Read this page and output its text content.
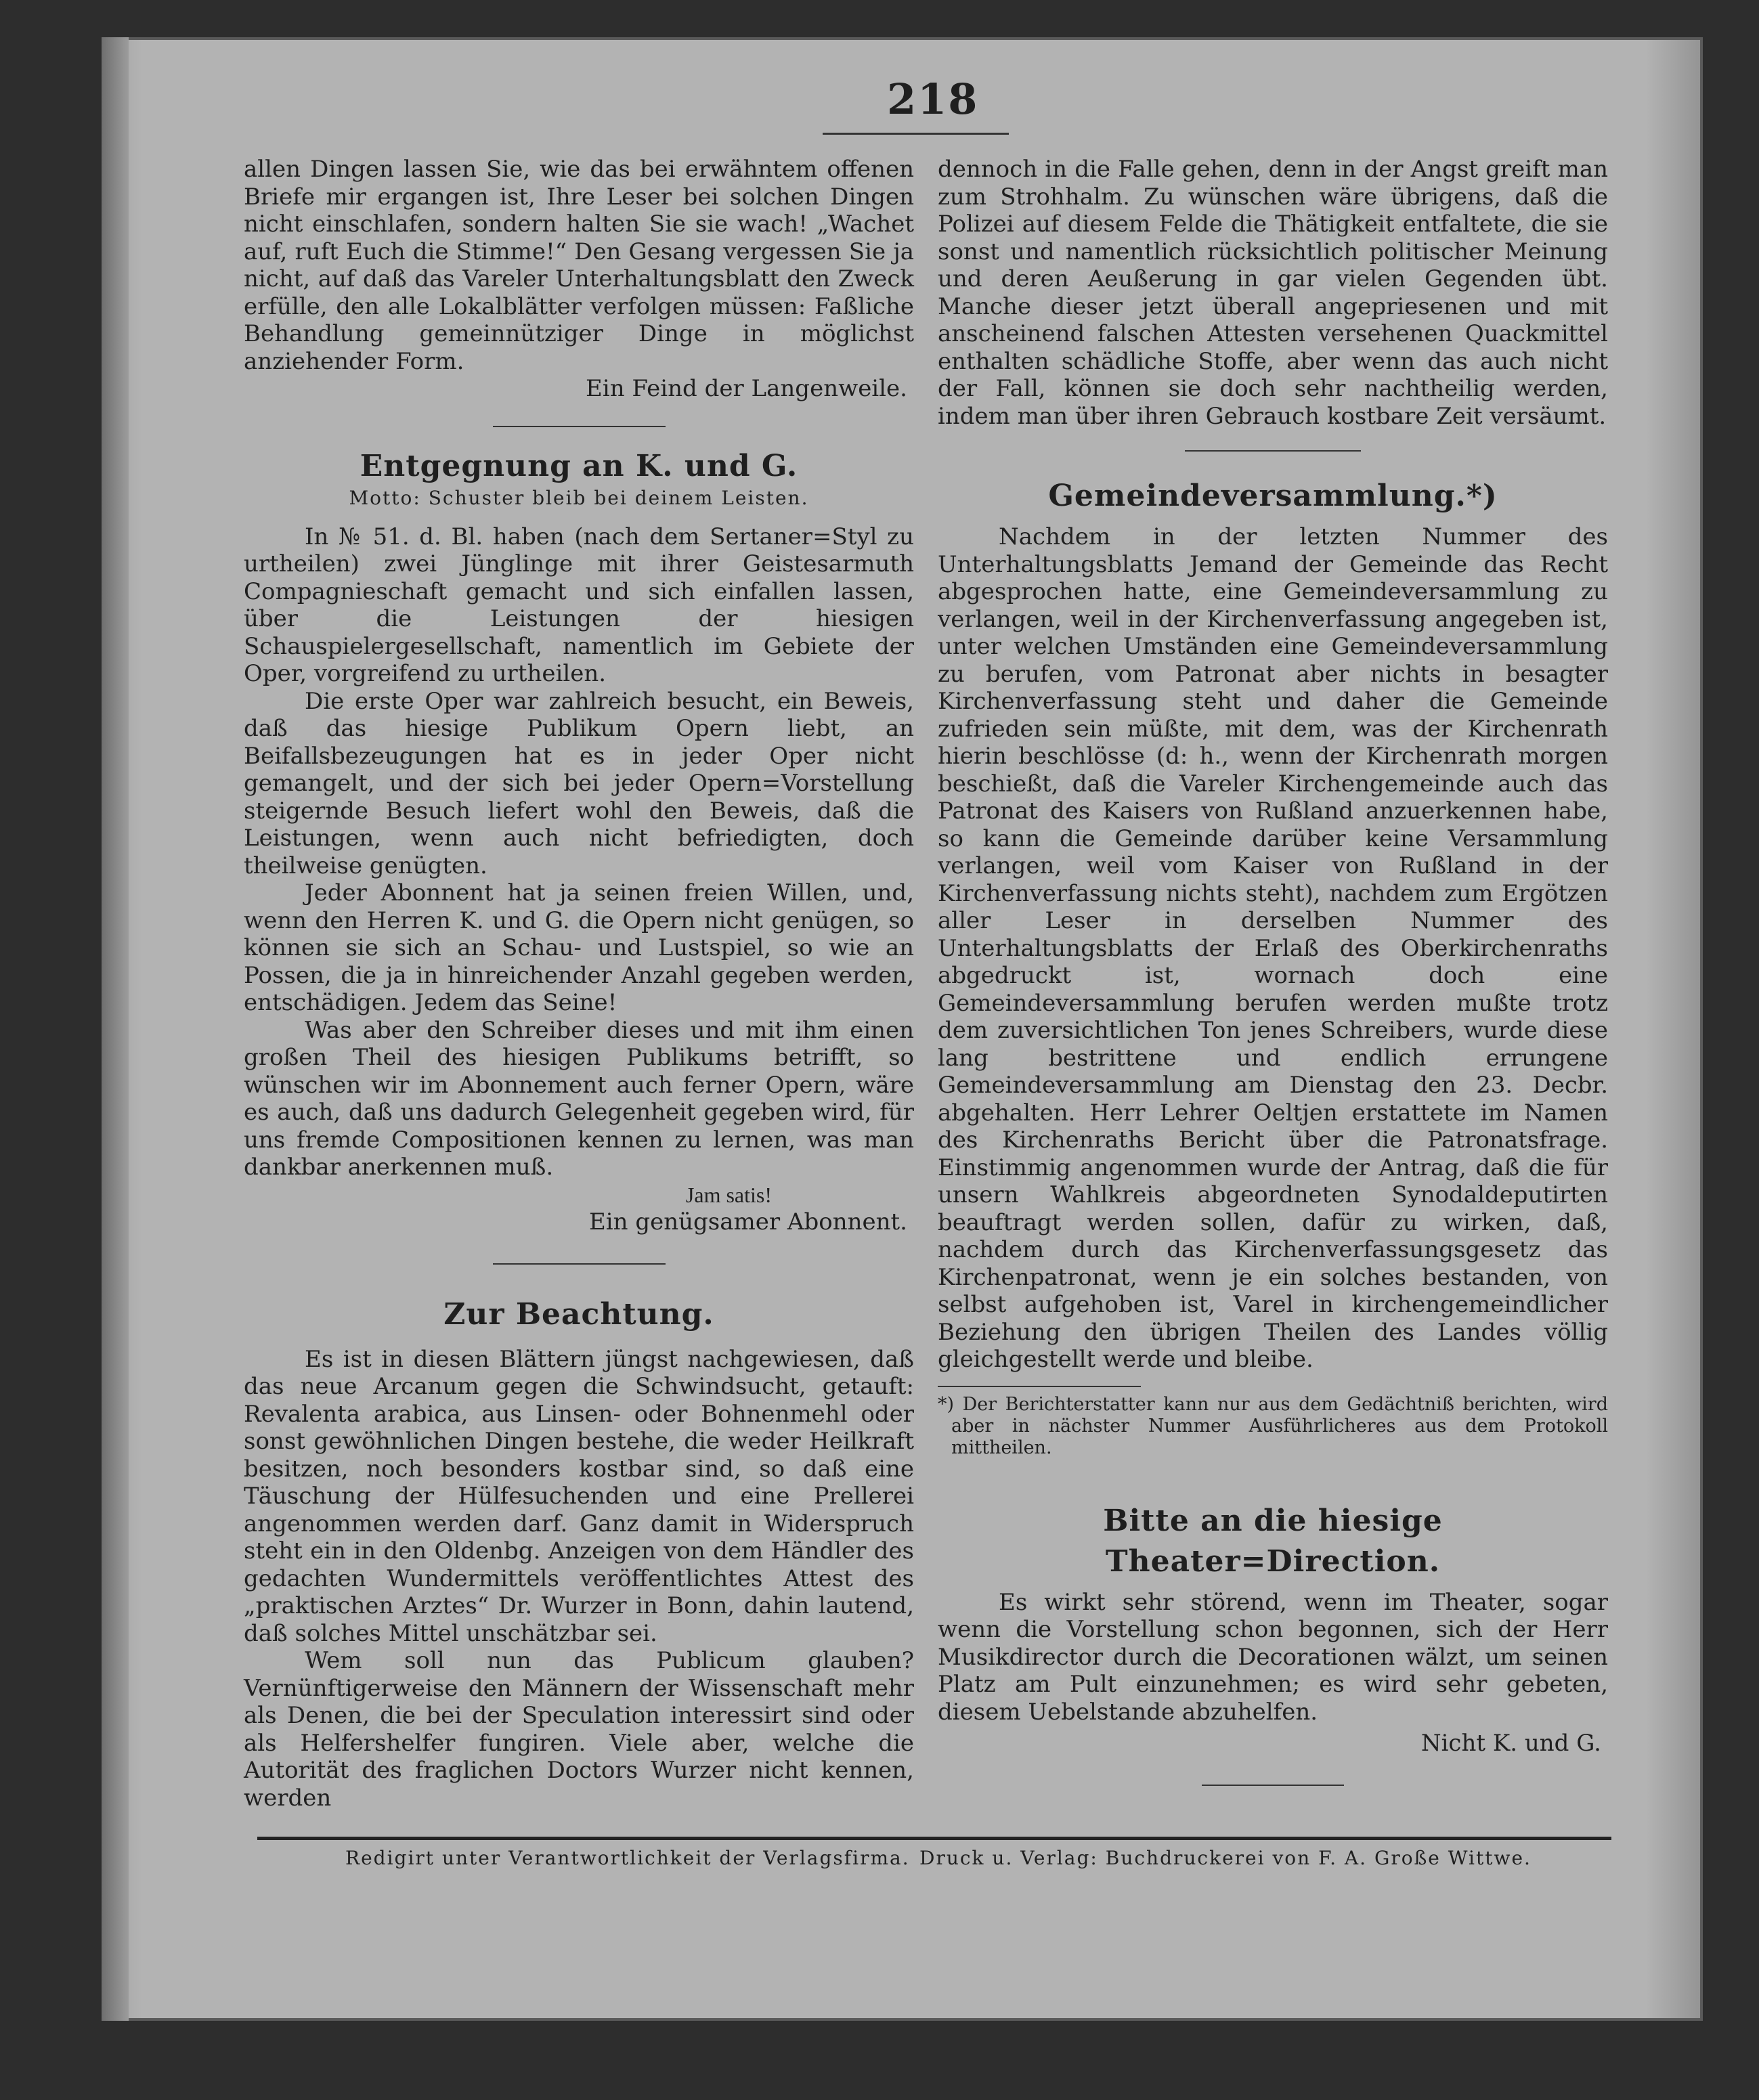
218

allen Dingen lassen Sie, wie das bei erwähntem offenen Briefe mir ergangen ist, Ihre Leser bei solchen Dingen nicht einschlafen, sondern halten Sie sie wach! „Wachet auf, ruft Euch die Stimme!“ Den Gesang vergessen Sie ja nicht, auf daß das Vareler Unterhaltungsblatt den Zweck erfülle, den alle Lokalblätter verfolgen müssen: Faßliche Behandlung gemeinnütziger Dinge in möglichst anziehender Form.

Ein Feind der Langenweile.

Entgegnung an K. und G.

Motto: Schuster bleib bei deinem Leisten.

In № 51. d. Bl. haben (nach dem Sertaner=Styl zu urtheilen) zwei Jünglinge mit ihrer Geistesarmuth Compagnieschaft gemacht und sich einfallen lassen, über die Leistungen der hiesigen Schauspielergesellschaft, namentlich im Gebiete der Oper, vorgreifend zu urtheilen.

Die erste Oper war zahlreich besucht, ein Beweis, daß das hiesige Publikum Opern liebt, an Beifallsbezeugungen hat es in jeder Oper nicht gemangelt, und der sich bei jeder Opern=Vorstellung steigernde Besuch liefert wohl den Beweis, daß die Leistungen, wenn auch nicht befriedigten, doch theilweise genügten.

Jeder Abonnent hat ja seinen freien Willen, und, wenn den Herren K. und G. die Opern nicht genügen, so können sie sich an Schau- und Lustspiel, so wie an Possen, die ja in hinreichender Anzahl gegeben werden, entschädigen. Jedem das Seine!

Was aber den Schreiber dieses und mit ihm einen großen Theil des hiesigen Publikums betrifft, so wünschen wir im Abonnement auch ferner Opern, wäre es auch, daß uns dadurch Gelegenheit gegeben wird, für uns fremde Compositionen kennen zu lernen, was man dankbar anerkennen muß.

Jam satis!

Ein genügsamer Abonnent.

Zur Beachtung.

Es ist in diesen Blättern jüngst nachgewiesen, daß das neue Arcanum gegen die Schwindsucht, getauft: Revalenta arabica, aus Linsen- oder Bohnenmehl oder sonst gewöhnlichen Dingen bestehe, die weder Heilkraft besitzen, noch besonders kostbar sind, so daß eine Täuschung der Hülfesuchenden und eine Prellerei angenommen werden darf. Ganz damit in Widerspruch steht ein in den Oldenbg. Anzeigen von dem Händler des gedachten Wundermittels veröffentlichtes Attest des „praktischen Arztes“ Dr. Wurzer in Bonn, dahin lautend, daß solches Mittel unschätzbar sei.

Wem soll nun das Publicum glauben? Vernünftigerweise den Männern der Wissenschaft mehr als Denen, die bei der Speculation interessirt sind oder als Helfershelfer fungiren. Viele aber, welche die Autorität des fraglichen Doctors Wurzer nicht kennen, werden

dennoch in die Falle gehen, denn in der Angst greift man zum Strohhalm. Zu wünschen wäre übrigens, daß die Polizei auf diesem Felde die Thätigkeit entfaltete, die sie sonst und namentlich rücksichtlich politischer Meinung und deren Aeußerung in gar vielen Gegenden übt. Manche dieser jetzt überall angepriesenen und mit anscheinend falschen Attesten versehenen Quackmittel enthalten schädliche Stoffe, aber wenn das auch nicht der Fall, können sie doch sehr nachtheilig werden, indem man über ihren Gebrauch kostbare Zeit versäumt.

Gemeindeversammlung.*)

Nachdem in der letzten Nummer des Unterhaltungsblatts Jemand der Gemeinde das Recht abgesprochen hatte, eine Gemeindeversammlung zu verlangen, weil in der Kirchenverfassung angegeben ist, unter welchen Umständen eine Gemeindeversammlung zu berufen, vom Patronat aber nichts in besagter Kirchenverfassung steht und daher die Gemeinde zufrieden sein müßte, mit dem, was der Kirchenrath hierin beschlösse (d: h., wenn der Kirchenrath morgen beschießt, daß die Vareler Kirchengemeinde auch das Patronat des Kaisers von Rußland anzuerkennen habe, so kann die Gemeinde darüber keine Versammlung verlangen, weil vom Kaiser von Rußland in der Kirchenverfassung nichts steht), nachdem zum Ergötzen aller Leser in derselben Nummer des Unterhaltungsblatts der Erlaß des Oberkirchenraths abgedruckt ist, wornach doch eine Gemeindeversammlung berufen werden mußte trotz dem zuversichtlichen Ton jenes Schreibers, wurde diese lang bestrittene und endlich errungene Gemeindeversammlung am Dienstag den 23. Decbr. abgehalten. Herr Lehrer Oeltjen erstattete im Namen des Kirchenraths Bericht über die Patronatsfrage. Einstimmig angenommen wurde der Antrag, daß die für unsern Wahlkreis abgeordneten Synodaldeputirten beauftragt werden sollen, dafür zu wirken, daß, nachdem durch das Kirchenverfassungsgesetz das Kirchenpatronat, wenn je ein solches bestanden, von selbst aufgehoben ist, Varel in kirchengemeindlicher Beziehung den übrigen Theilen des Landes völlig gleichgestellt werde und bleibe.

*) Der Berichterstatter kann nur aus dem Gedächtniß berichten, wird aber in nächster Nummer Ausführlicheres aus dem Protokoll mittheilen.

Bitte an die hiesige Theater=Direction.

Es wirkt sehr störend, wenn im Theater, sogar wenn die Vorstellung schon begonnen, sich der Herr Musikdirector durch die Decorationen wälzt, um seinen Platz am Pult einzunehmen; es wird sehr gebeten, diesem Uebelstande abzuhelfen.

Nicht K. und G.

Redigirt unter Verantwortlichkeit der Verlagsfirma. Druck u. Verlag: Buchdruckerei von F. A. Große Wittwe.
